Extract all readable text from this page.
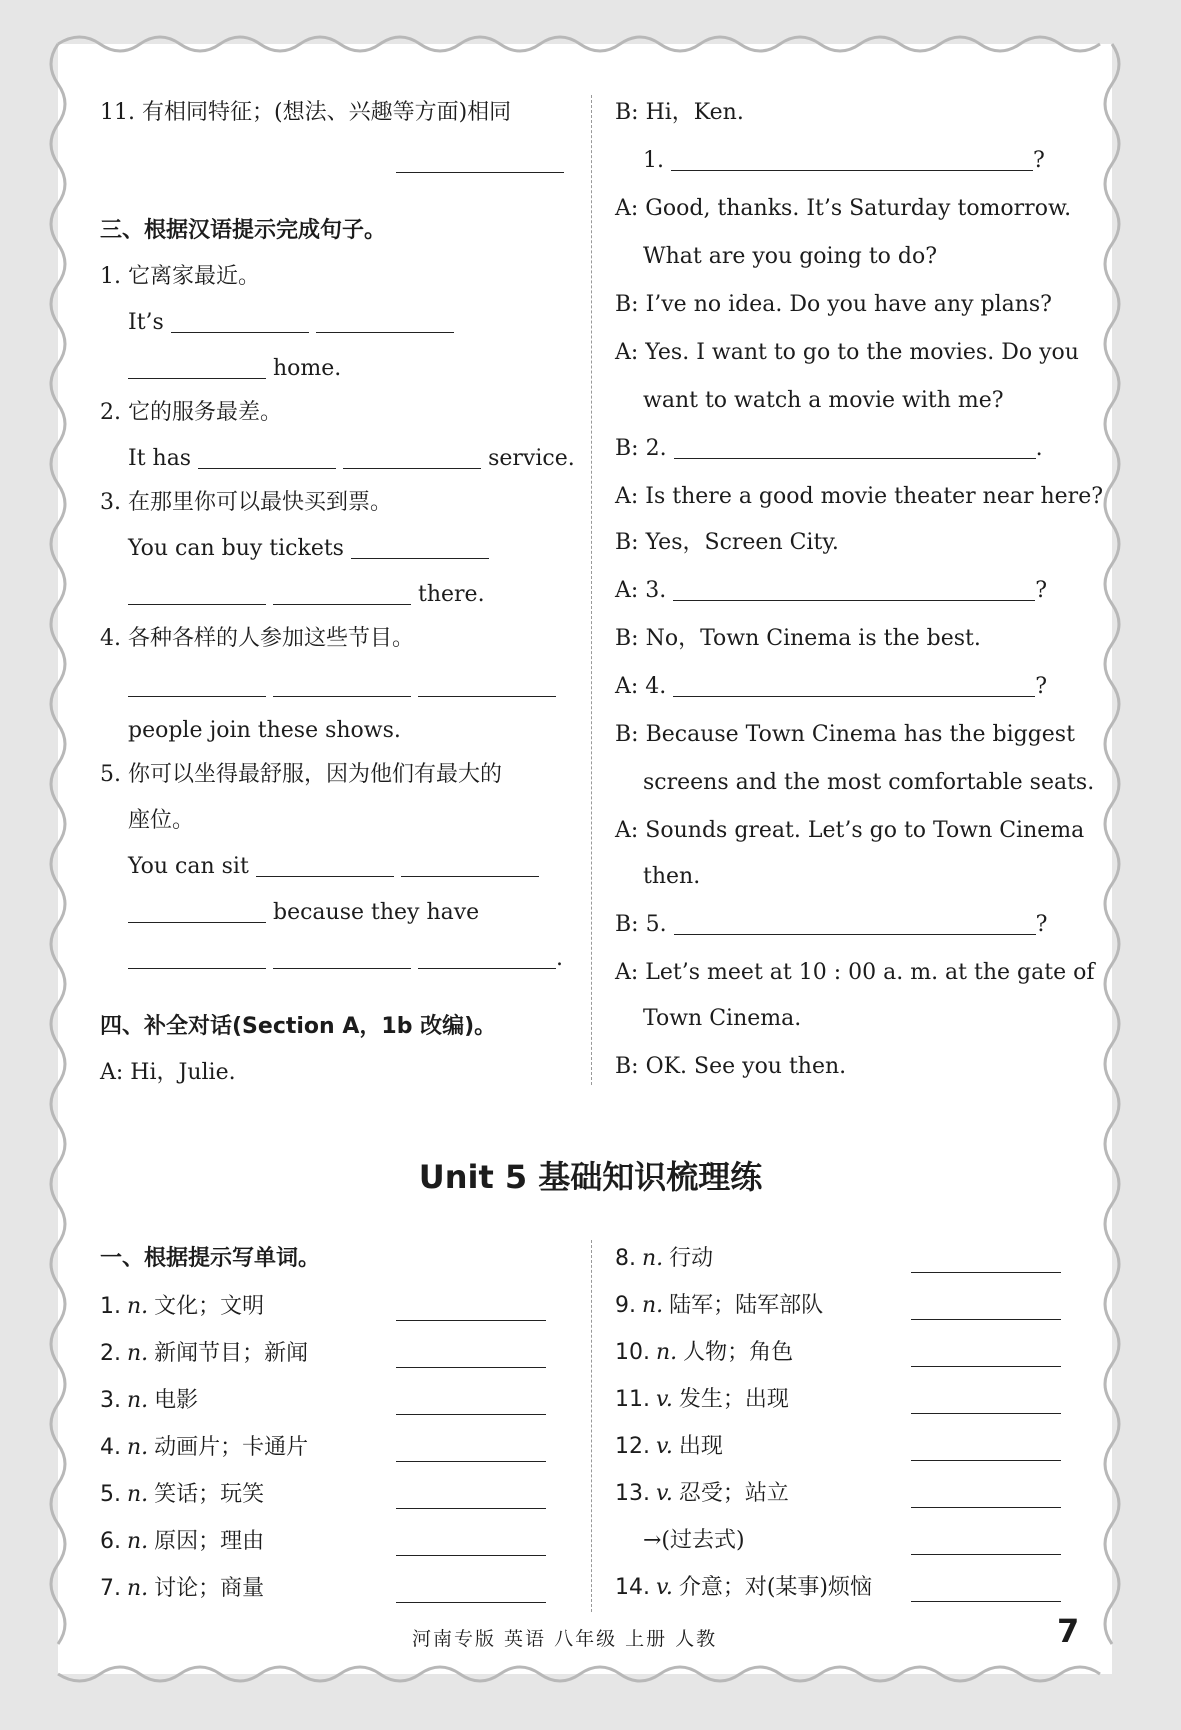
11. 有相同特征；(想法、兴趣等方面)相同
三、根据汉语提示完成句子。
1. 它离家最近。
It’s
home.
2. 它的服务最差。
It has	service.
3. 在那里你可以最快买到票。
You can buy tickets
there.
4. 各种各样的人参加这些节目。

people join these shows.
5. 你可以坐得最舒服，因为他们有最大的
座位。
You can sit
because they have
.
四、补全对话(Section A，1b 改编)。
A: Hi，Julie.
B: Hi，Ken.
1.	?
A: Good, thanks. It’s Saturday tomorrow.
What are you going to do?
B: I’ve no idea. Do you have any plans?
A: Yes. I want to go to the movies. Do you
want to watch a movie with me?
B: 2.	.
A: Is there a good movie theater near here?
B: Yes，Screen City.
A: 3.	?
B: No，Town Cinema is the best.
A: 4.	?
B: Because Town Cinema has the biggest
screens and the most comfortable seats.
A: Sounds great. Let’s go to Town Cinema
then.
B: 5.	?
A: Let’s meet at 10 : 00 a. m. at the gate of
Town Cinema.
B: OK. See you then.
Unit 5 基础知识梳理练
一、根据提示写单词。
1. n. 文化；文明
2. n. 新闻节目；新闻
3. n. 电影
4. n. 动画片；卡通片
5. n. 笑话；玩笑
6. n. 原因；理由
7. n. 讨论；商量
8. n. 行动
9. n. 陆军；陆军部队
10. n. 人物；角色
11. v. 发生；出现
12. v. 出现
13. v. 忍受；站立
→(过去式)
14. v. 介意；对(某事)烦恼
河南专版 英语 八年级 上册 人教	7
